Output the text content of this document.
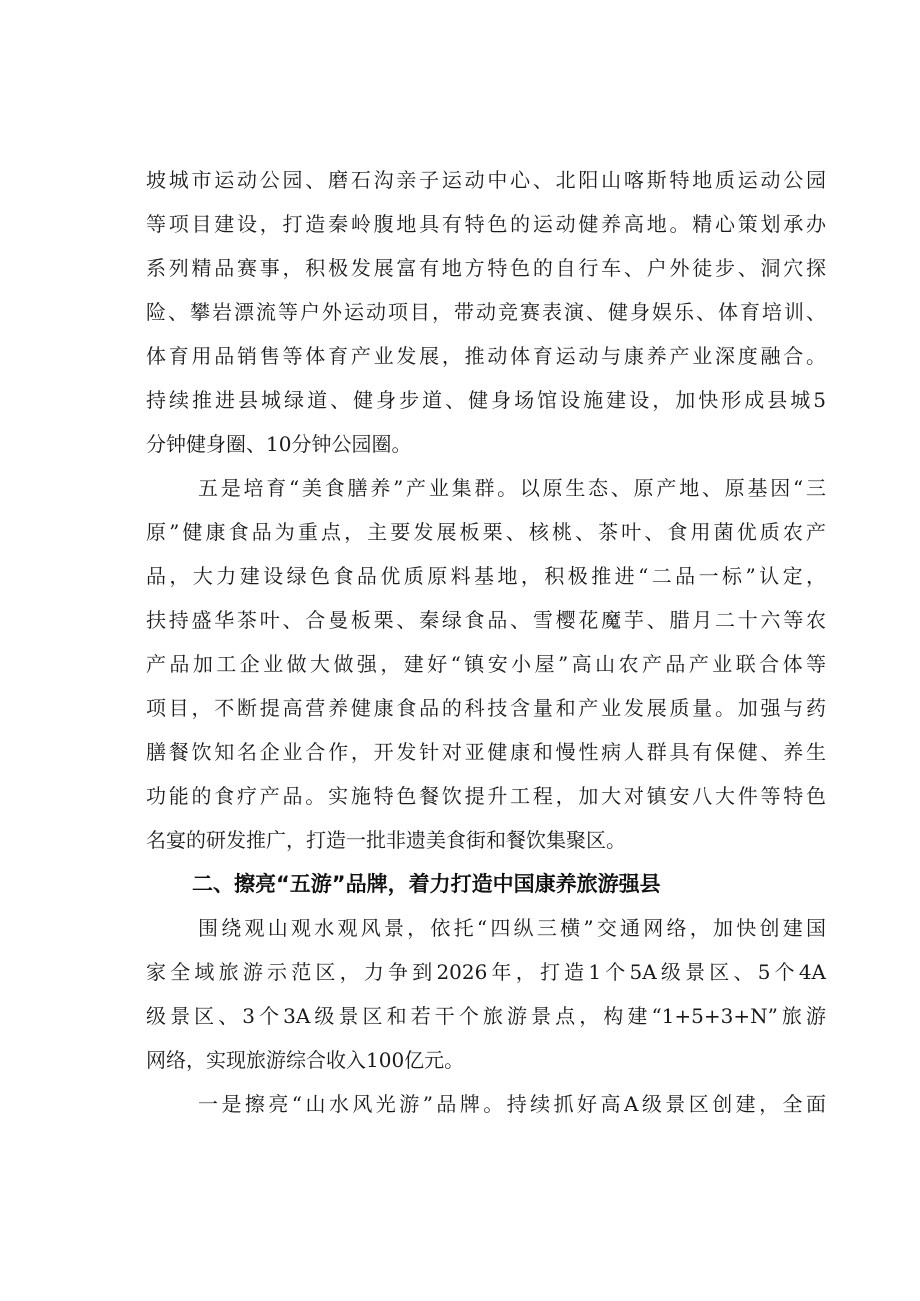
坡城市运动公园、磨石沟亲子运动中心、北阳山喀斯特地质运动公园
等项目建设，打造秦岭腹地具有特色的运动健养高地。精心策划承办
系列精品赛事，积极发展富有地方特色的自行车、户外徒步、洞穴探
险、攀岩漂流等户外运动项目，带动竞赛表演、健身娱乐、体育培训、
体育用品销售等体育产业发展，推动体育运动与康养产业深度融合。
持续推进县城绿道、健身步道、健身场馆设施建设，加快形成县城5
分钟健身圈、10分钟公园圈。
五是培育“美食膳养”产业集群。以原生态、原产地、原基因“三
原”健康食品为重点，主要发展板栗、核桃、茶叶、食用菌优质农产
品，大力建设绿色食品优质原料基地，积极推进“二品一标”认定，
扶持盛华茶叶、合曼板栗、秦绿食品、雪樱花魔芋、腊月二十六等农
产品加工企业做大做强，建好“镇安小屋”高山农产品产业联合体等
项目，不断提高营养健康食品的科技含量和产业发展质量。加强与药
膳餐饮知名企业合作，开发针对亚健康和慢性病人群具有保健、养生
功能的食疗产品。实施特色餐饮提升工程，加大对镇安八大件等特色
名宴的研发推广，打造一批非遗美食街和餐饮集聚区。
二、擦亮“五游”品牌，着力打造中国康养旅游强县
围绕观山观水观风景，依托“四纵三横”交通网络，加快创建国
家全域旅游示范区，力争到2026年，打造1个5A级景区、5个4A
级景区、3个3A级景区和若干个旅游景点，构建“1+5+3+N”旅游
网络，实现旅游综合收入100亿元。
一是擦亮“山水风光游”品牌。持续抓好高A级景区创建，全面
